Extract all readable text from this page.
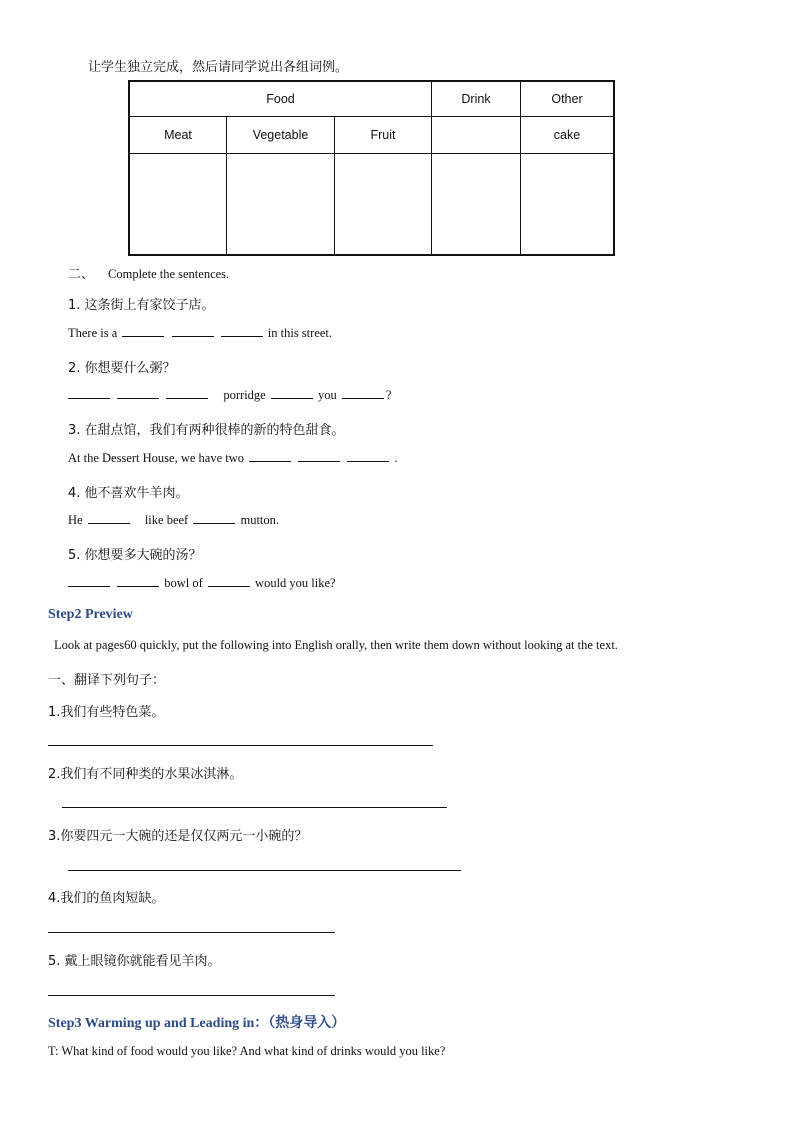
让学生独立完成，然后请同学说出各组词例。
Food			Drink	Other
Meat	Vegetable	Fruit		cake

二、 Complete the sentences.
1. 这条街上有家饺子店。
There is a	in this street.
2. 你想要什么粥？
porridge	you	?
3. 在甜点馆，我们有两种很棒的新的特色甜食。
At the Dessert House, we have two	.
4. 他不喜欢牛羊肉。
He	like beef	mutton.
5. 你想要多大碗的汤？
bowl of	would you like?
Step2 Preview
Look at pages60 quickly, put the following into English orally, then write them down without looking at the text.
一、翻译下列句子：
1.我们有些特色菜。
2.我们有不同种类的水果冰淇淋。
3.你要四元一大碗的还是仅仅两元一小碗的？
4.我们的鱼肉短缺。
5. 戴上眼镜你就能看见羊肉。
Step3 Warming up and Leading in：（热身导入）
T: What kind of food would you like? And what kind of drinks would you like?
